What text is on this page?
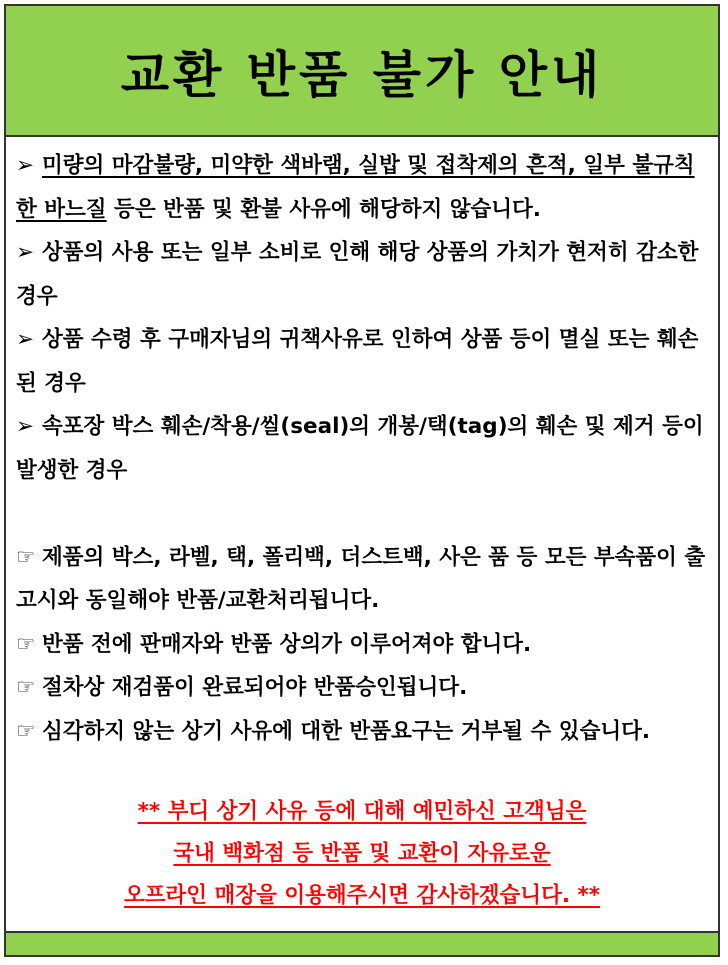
교환 반품 불가 안내

➢ 미량의 마감불량, 미약한 색바램, 실밥 및 접착제의 흔적, 일부 불규칙한 바느질 등은 반품 및 환불 사유에 해당하지 않습니다.

➢ 상품의 사용 또는 일부 소비로 인해 해당 상품의 가치가 현저히 감소한 경우

➢ 상품 수령 후 구매자님의 귀책사유로 인하여 상품 등이 멸실 또는 훼손된 경우

➢ 속포장 박스 훼손/착용/씰(seal)의 개봉/택(tag)의 훼손 및 제거 등이 발생한 경우

☞ 제품의 박스, 라벨, 택, 폴리백, 더스트백, 사은 품 등 모든 부속품이 출고시와 동일해야 반품/교환처리됩니다.

☞ 반품 전에 판매자와 반품 상의가 이루어져야 합니다.

☞ 절차상 재검품이 완료되어야 반품승인됩니다.

☞ 심각하지 않는 상기 사유에 대한 반품요구는 거부될 수 있습니다.

** 부디 상기 사유 등에 대해 예민하신 고객님은

국내 백화점 등 반품 및 교환이 자유로운

오프라인 매장을 이용해주시면 감사하겠습니다. **
